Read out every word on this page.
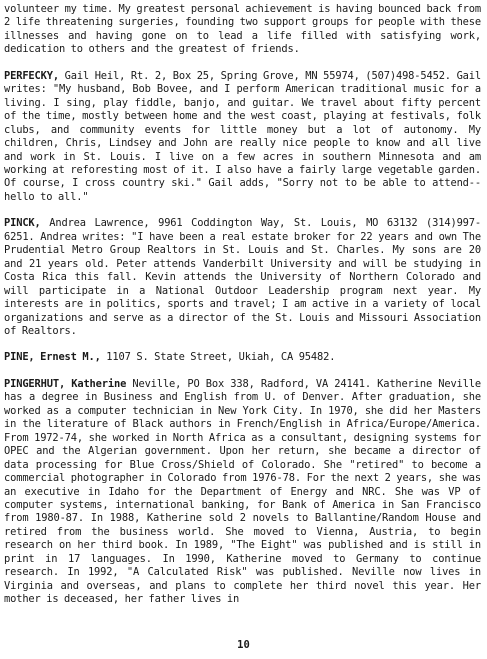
volunteer my time. My greatest personal achievement is having bounced back from 2 life threatening surgeries, founding two support groups for people with these illnesses and having gone on to lead a life filled with satisfying work, dedication to others and the greatest of friends.

PERFECKY, Gail Heil, Rt. 2, Box 25, Spring Grove, MN 55974, (507)498-5452. Gail writes: "My husband, Bob Bovee, and I perform American traditional music for a living. I sing, play fiddle, banjo, and guitar. We travel about fifty percent of the time, mostly between home and the west coast, playing at festivals, folk clubs, and community events for little money but a lot of autonomy. My children, Chris, Lindsey and John are really nice people to know and all live and work in St. Louis. I live on a few acres in southern Minnesota and am working at reforesting most of it. I also have a fairly large vegetable garden. Of course, I cross country ski." Gail adds, "Sorry not to be able to attend--hello to all."

PINCK, Andrea Lawrence, 9961 Coddington Way, St. Louis, MO 63132 (314)997-6251. Andrea writes: "I have been a real estate broker for 22 years and own The Prudential Metro Group Realtors in St. Louis and St. Charles. My sons are 20 and 21 years old. Peter attends Vanderbilt University and will be studying in Costa Rica this fall. Kevin attends the University of Northern Colorado and will participate in a National Outdoor Leadership program next year. My interests are in politics, sports and travel; I am active in a variety of local organizations and serve as a director of the St. Louis and Missouri Association of Realtors.

PINE, Ernest M., 1107 S. State Street, Ukiah, CA 95482.

PINGERHUT, Katherine Neville, PO Box 338, Radford, VA 24141. Katherine Neville has a degree in Business and English from U. of Denver. After graduation, she worked as a computer technician in New York City. In 1970, she did her Masters in the literature of Black authors in French/English in Africa/Europe/America. From 1972-74, she worked in North Africa as a consultant, designing systems for OPEC and the Algerian government. Upon her return, she became a director of data processing for Blue Cross/Shield of Colorado. She "retired" to become a commercial photographer in Colorado from 1976-78. For the next 2 years, she was an executive in Idaho for the Department of Energy and NRC. She was VP of computer systems, international banking, for Bank of America in San Francisco from 1980-87. In 1988, Katherine sold 2 novels to Ballantine/Random House and retired from the business world. She moved to Vienna, Austria, to begin research on her third book. In 1989, "The Eight" was published and is still in print in 17 languages. In 1990, Katherine moved to Germany to continue research. In 1992, "A Calculated Risk" was published. Neville now lives in Virginia and overseas, and plans to complete her third novel this year. Her mother is deceased, her father lives in

10
